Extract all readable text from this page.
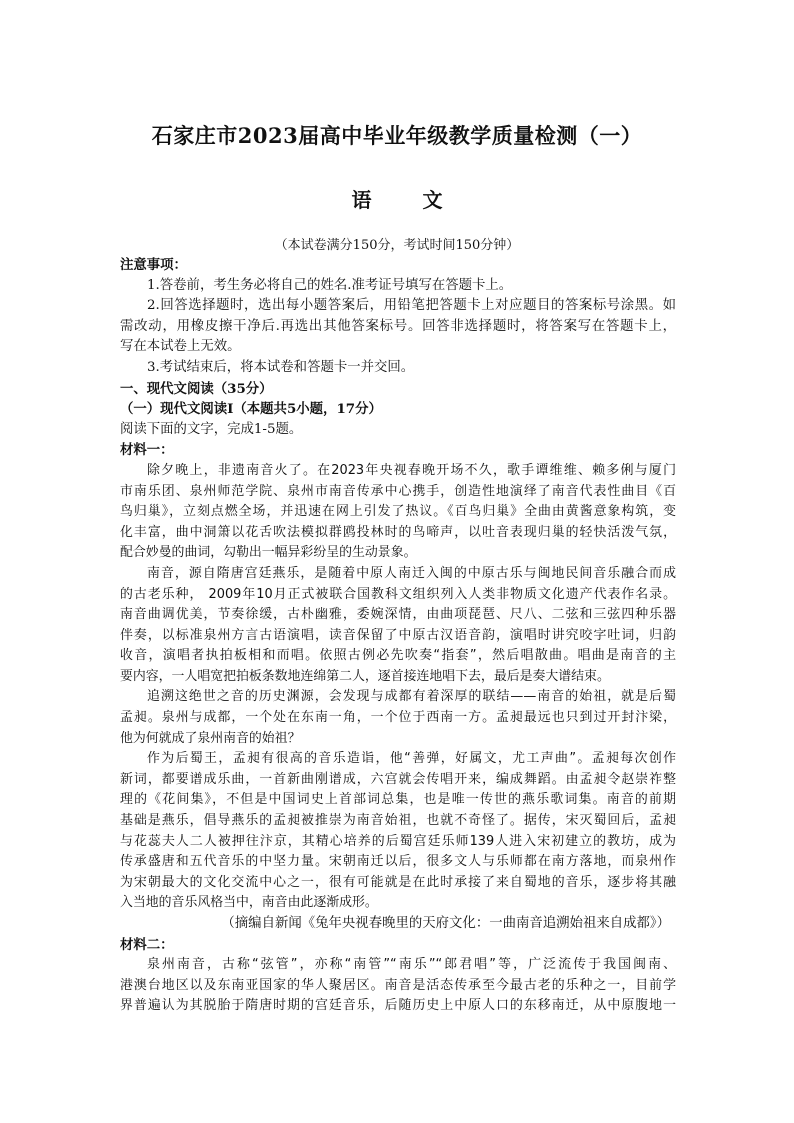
石家庄市2023届高中毕业年级教学质量检测（一）
语 文
（本试卷满分150分，考试时间150分钟）
注意事项：
1.答卷前，考生务必将自己的姓名.准考证号填写在答题卡上。
2.回答选择题时，选出每小题答案后，用铅笔把答题卡上对应题目的答案标号涂黑。如
需改动，用橡皮擦干净后.再选出其他答案标号。回答非选择题时，将答案写在答题卡上，
写在本试卷上无效。
3.考试结束后，将本试卷和答题卡一并交回。
一、现代文阅读（35分）
（一）现代文阅读Ⅰ（本题共5小题，17分）
阅读下面的文字，完成1-5题。
材料一：
除夕晚上，非遗南音火了。在2023年央视春晚开场不久，歌手谭维维、赖多俐与厦门
市南乐团、泉州师范学院、泉州市南音传承中心携手，创造性地演绎了南音代表性曲目《百
鸟归巢》，立刻点燃全场，并迅速在网上引发了热议。《百鸟归巢》全曲由黄酱意象构筑，变
化丰富，曲中洞箫以花舌吹法模拟群鸥投林时的鸟啼声，以吐音表现归巢的轻快活泼气氛，
配合妙曼的曲词，勾勒出一幅异彩纷呈的生动景象。
南音，源自隋唐宫廷燕乐，是随着中原人南迁入闽的中原古乐与闽地民间音乐融合而成
的古老乐种， 2009年10月正式被联合国教科文组织列入人类非物质文化遗产代表作名录。
南音曲调优美，节奏徐缓，古朴幽雅，委婉深情，由曲项琵琶、尺八、二弦和三弦四种乐器
伴奏，以标准泉州方言古语演唱，读音保留了中原古汉语音韵，演唱时讲究咬字吐词，归韵
收音，演唱者执拍板相和而唱。依照古例必先吹奏“指套”，然后唱散曲。唱曲是南音的主
要内容，一人唱宽把拍板条数地连绵第二人，逐首接连地唱下去，最后是奏大谱结束。
追溯这绝世之音的历史渊源，会发现与成都有着深厚的联结——南音的始祖，就是后蜀
孟昶。泉州与成都，一个处在东南一角，一个位于西南一方。孟昶最远也只到过开封汴梁，
他为何就成了泉州南音的始祖？
作为后蜀王，孟昶有很高的音乐造诣，他“善弹，好属文，尤工声曲”。孟昶每次创作
新词，都要谱成乐曲，一首新曲刚谱成，六宫就会传唱开来，编成舞蹈。由孟昶令赵崇祚整
理的《花间集》，不但是中国词史上首部词总集，也是唯一传世的燕乐歌词集。南音的前期
基础是燕乐，倡导燕乐的孟昶被推崇为南音始祖，也就不奇怪了。据传，宋灭蜀回后，孟昶
与花蕊夫人二人被押往汴京，其精心培养的后蜀宫廷乐师139人进入宋初建立的教坊，成为
传承盛唐和五代音乐的中坚力量。宋朝南迁以后，很多文人与乐师都在南方落地，而泉州作
为宋朝最大的文化交流中心之一，很有可能就是在此时承接了来自蜀地的音乐，逐步将其融
入当地的音乐风格当中，南音由此逐渐成形。
（摘编自新闻《兔年央视春晚里的天府文化：一曲南音追溯始祖来自成都》）
材料二：
泉州南音，古称“弦管”，亦称“南管”“南乐”“郎君唱”等，广泛流传于我国闽南、
港澳台地区以及东南亚国家的华人聚居区。南音是活态传承至今最古老的乐种之一，目前学
界普遍认为其脱胎于隋唐时期的宫廷音乐，后随历史上中原人口的东移南迁，从中原腹地一
